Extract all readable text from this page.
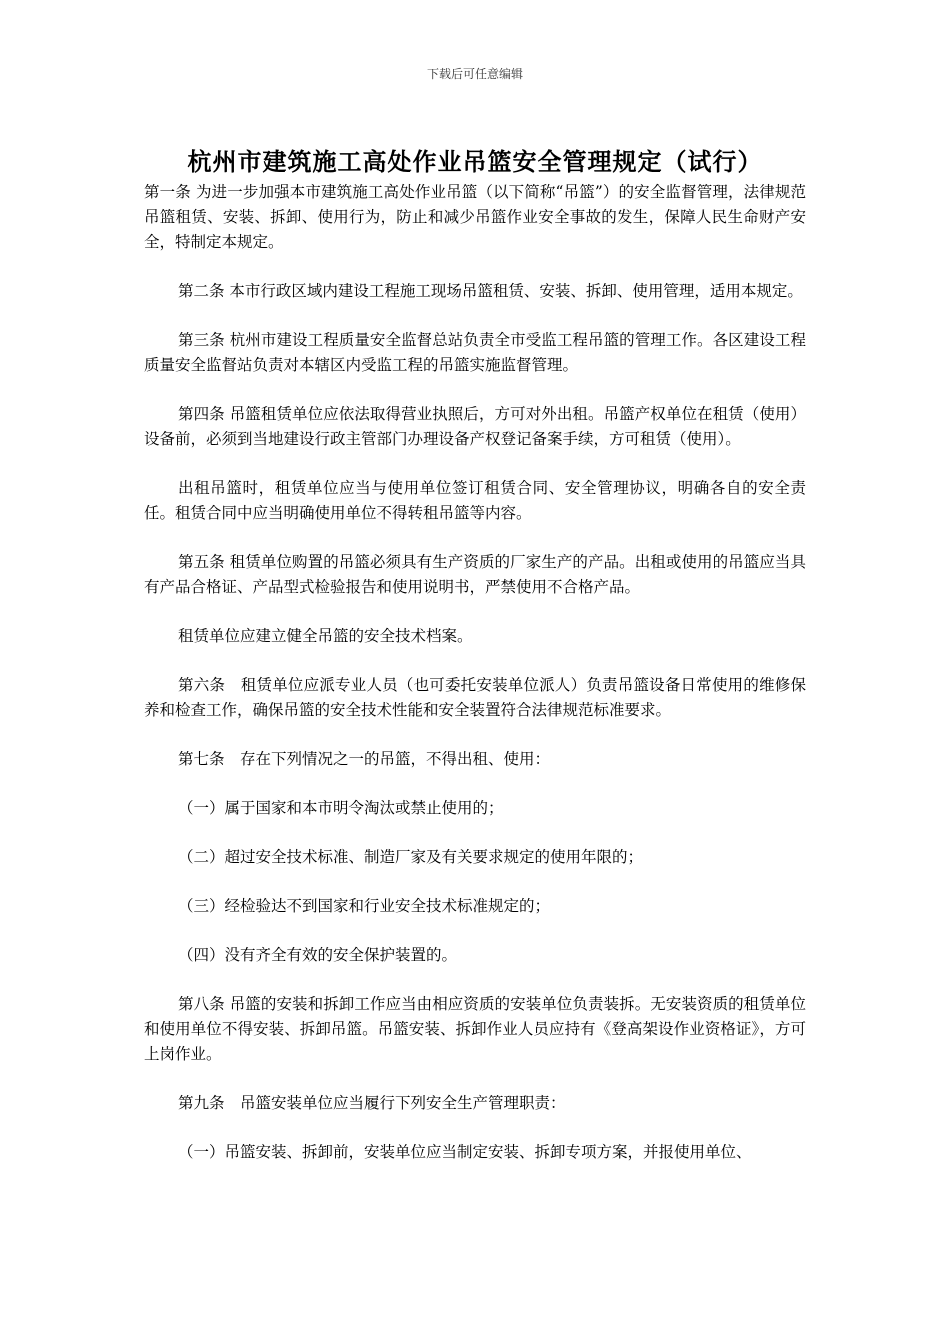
下载后可任意编辑
杭州市建筑施工高处作业吊篮安全管理规定（试行）

第一条 为进一步加强本市建筑施工高处作业吊篮（以下简称“吊篮”）的安全监督管理，法律规范吊篮租赁、安装、拆卸、使用行为，防止和减少吊篮作业安全事故的发生，保障人民生命财产安全，特制定本规定。

第二条 本市行政区域内建设工程施工现场吊篮租赁、安装、拆卸、使用管理，适用本规定。

第三条 杭州市建设工程质量安全监督总站负责全市受监工程吊篮的管理工作。各区建设工程质量安全监督站负责对本辖区内受监工程的吊篮实施监督管理。

第四条 吊篮租赁单位应依法取得营业执照后，方可对外出租。吊篮产权单位在租赁（使用）设备前，必须到当地建设行政主管部门办理设备产权登记备案手续，方可租赁（使用）。

出租吊篮时，租赁单位应当与使用单位签订租赁合同、安全管理协议，明确各自的安全责任。租赁合同中应当明确使用单位不得转租吊篮等内容。

第五条 租赁单位购置的吊篮必须具有生产资质的厂家生产的产品。出租或使用的吊篮应当具有产品合格证、产品型式检验报告和使用说明书，严禁使用不合格产品。

租赁单位应建立健全吊篮的安全技术档案。

第六条　租赁单位应派专业人员（也可委托安装单位派人）负责吊篮设备日常使用的维修保养和检查工作，确保吊篮的安全技术性能和安全装置符合法律规范标准要求。

第七条　存在下列情况之一的吊篮，不得出租、使用：

（一）属于国家和本市明令淘汰或禁止使用的；

（二）超过安全技术标准、制造厂家及有关要求规定的使用年限的；

（三）经检验达不到国家和行业安全技术标准规定的；

（四）没有齐全有效的安全保护装置的。

第八条 吊篮的安装和拆卸工作应当由相应资质的安装单位负责装拆。无安装资质的租赁单位和使用单位不得安装、拆卸吊篮。吊篮安装、拆卸作业人员应持有《登高架设作业资格证》，方可上岗作业。

第九条　吊篮安装单位应当履行下列安全生产管理职责：

（一）吊篮安装、拆卸前，安装单位应当制定安装、拆卸专项方案，并报使用单位、
